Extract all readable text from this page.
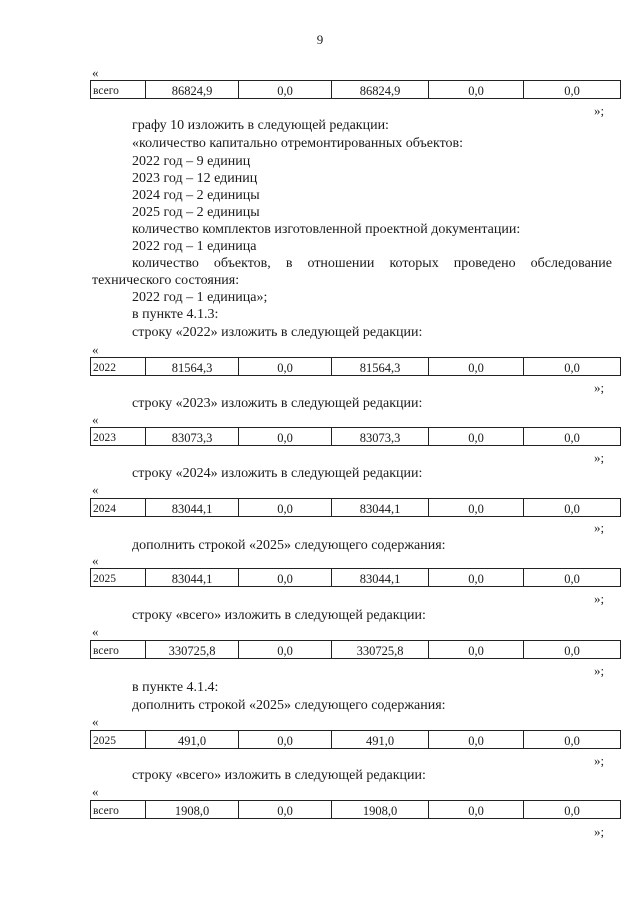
9
«
всего	86824,9	0,0	86824,9	0,0	0,0
»;
графу 10 изложить в следующей редакции:
«количество капитально отремонтированных объектов:
2022 год – 9 единиц
2023 год – 12 единиц
2024 год – 2 единицы
2025 год – 2 единицы
количество комплектов изготовленной проектной документации:
2022 год – 1 единица
количество объектов, в отношении которых проведено обследование технического состояния:
2022 год – 1 единица»;
в пункте 4.1.3:
строку «2022» изложить в следующей редакции:
«
2022	81564,3	0,0	81564,3	0,0	0,0
»;
строку «2023» изложить в следующей редакции:
«
2023	83073,3	0,0	83073,3	0,0	0,0
»;
строку «2024» изложить в следующей редакции:
«
2024	83044,1	0,0	83044,1	0,0	0,0
»;
дополнить строкой «2025» следующего содержания:
«
2025	83044,1	0,0	83044,1	0,0	0,0
»;
строку «всего» изложить в следующей редакции:
«
всего	330725,8	0,0	330725,8	0,0	0,0
»;
в пункте 4.1.4:
дополнить строкой «2025» следующего содержания:
«
2025	491,0	0,0	491,0	0,0	0,0
»;
строку «всего» изложить в следующей редакции:
«
всего	1908,0	0,0	1908,0	0,0	0,0
»;
